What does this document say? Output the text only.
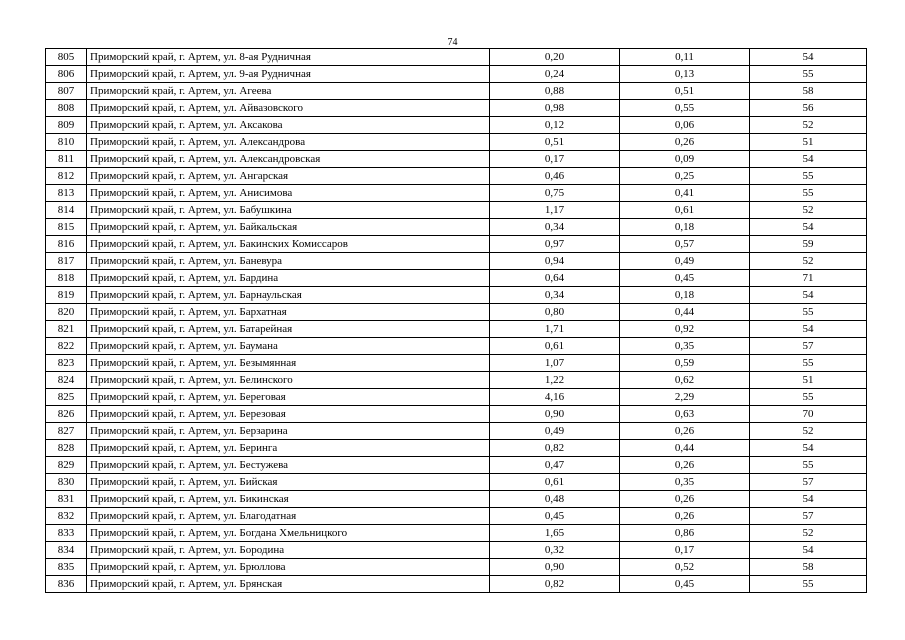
74
805	Приморский край, г. Артем, ул. 8-ая Рудничная	0,20	0,11	54
806	Приморский край, г. Артем, ул. 9-ая Рудничная	0,24	0,13	55
807	Приморский край, г. Артем, ул. Агеева	0,88	0,51	58
808	Приморский край, г. Артем, ул. Айвазовского	0,98	0,55	56
809	Приморский край, г. Артем, ул. Аксакова	0,12	0,06	52
810	Приморский край, г. Артем, ул. Александрова	0,51	0,26	51
811	Приморский край, г. Артем, ул. Александровская	0,17	0,09	54
812	Приморский край, г. Артем, ул. Ангарская	0,46	0,25	55
813	Приморский край, г. Артем, ул. Анисимова	0,75	0,41	55
814	Приморский край, г. Артем, ул. Бабушкина	1,17	0,61	52
815	Приморский край, г. Артем, ул. Байкальская	0,34	0,18	54
816	Приморский край, г. Артем, ул. Бакинских Комиссаров	0,97	0,57	59
817	Приморский край, г. Артем, ул. Баневура	0,94	0,49	52
818	Приморский край, г. Артем, ул. Бардина	0,64	0,45	71
819	Приморский край, г. Артем, ул. Барнаульская	0,34	0,18	54
820	Приморский край, г. Артем, ул. Бархатная	0,80	0,44	55
821	Приморский край, г. Артем, ул. Батарейная	1,71	0,92	54
822	Приморский край, г. Артем, ул. Баумана	0,61	0,35	57
823	Приморский край, г. Артем, ул. Безымянная	1,07	0,59	55
824	Приморский край, г. Артем, ул. Белинского	1,22	0,62	51
825	Приморский край, г. Артем, ул. Береговая	4,16	2,29	55
826	Приморский край, г. Артем, ул. Березовая	0,90	0,63	70
827	Приморский край, г. Артем, ул. Берзарина	0,49	0,26	52
828	Приморский край, г. Артем, ул. Беринга	0,82	0,44	54
829	Приморский край, г. Артем, ул. Бестужева	0,47	0,26	55
830	Приморский край, г. Артем, ул. Бийская	0,61	0,35	57
831	Приморский край, г. Артем, ул. Бикинская	0,48	0,26	54
832	Приморский край, г. Артем, ул. Благодатная	0,45	0,26	57
833	Приморский край, г. Артем, ул. Богдана Хмельницкого	1,65	0,86	52
834	Приморский край, г. Артем, ул. Бородина	0,32	0,17	54
835	Приморский край, г. Артем, ул. Брюллова	0,90	0,52	58
836	Приморский край, г. Артем, ул. Брянская	0,82	0,45	55
